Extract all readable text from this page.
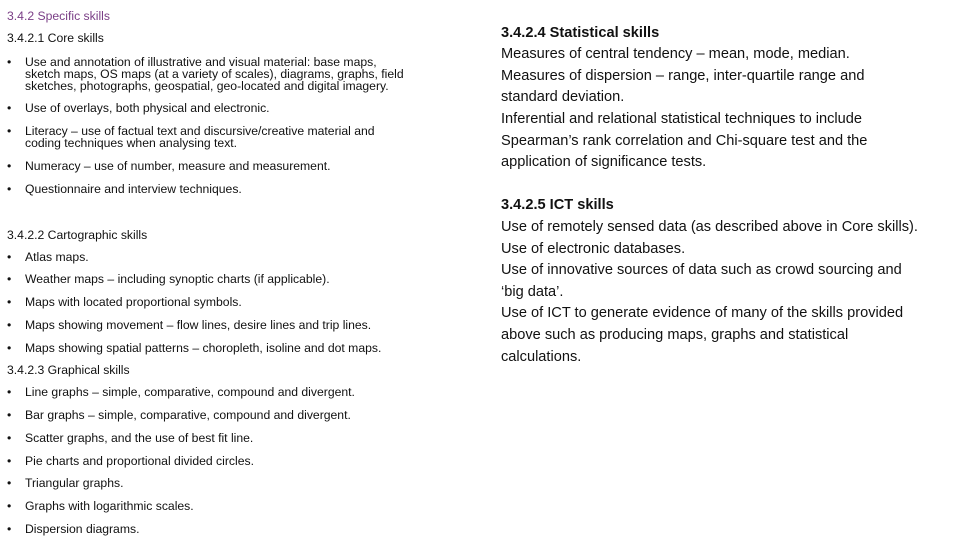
3.4.2 Specific skills
3.4.2.1 Core skills
• Use and annotation of illustrative and visual material: base maps,
sketch maps, OS maps (at a variety of scales), diagrams, graphs, field
sketches, photographs, geospatial, geo-located and digital imagery.
• Use of overlays, both physical and electronic.
• Literacy – use of factual text and discursive/creative material and
coding techniques when analysing text.
• Numeracy – use of number, measure and measurement.
• Questionnaire and interview techniques.
3.4.2.2 Cartographic skills
• Atlas maps.
• Weather maps – including synoptic charts (if applicable).
• Maps with located proportional symbols.
• Maps showing movement – flow lines, desire lines and trip lines.
• Maps showing spatial patterns – choropleth, isoline and dot maps.
3.4.2.3 Graphical skills
• Line graphs – simple, comparative, compound and divergent.
• Bar graphs – simple, comparative, compound and divergent.
• Scatter graphs, and the use of best fit line.
• Pie charts and proportional divided circles.
• Triangular graphs.
• Graphs with logarithmic scales.
• Dispersion diagrams.
3.4.2.4 Statistical skills
Measures of central tendency – mean, mode, median.
Measures of dispersion – range, inter-quartile range and
standard deviation.
Inferential and relational statistical techniques to include
Spearman’s rank correlation and Chi-square test and the
application of significance tests.
3.4.2.5 ICT skills
Use of remotely sensed data (as described above in Core skills).
Use of electronic databases.
Use of innovative sources of data such as crowd sourcing and
‘big data’.
Use of ICT to generate evidence of many of the skills provided
above such as producing maps, graphs and statistical
calculations.
